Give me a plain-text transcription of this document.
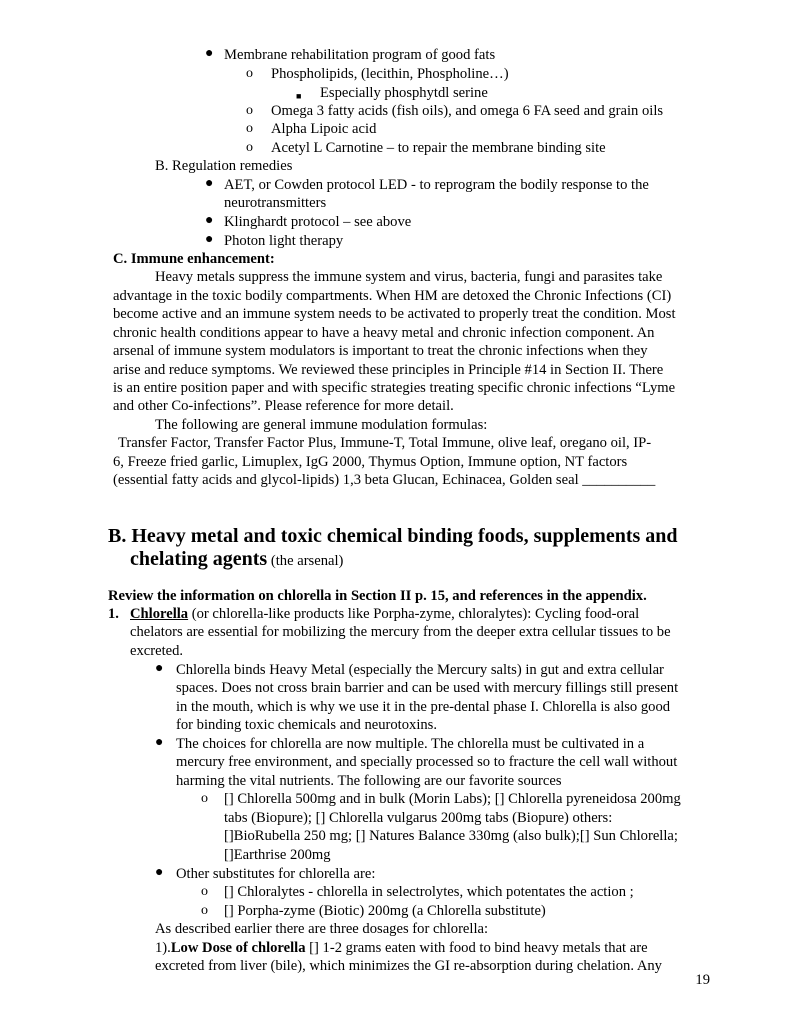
● Membrane rehabilitation program of good fats
o Phospholipids, (lecithin, Phospholine…)
■ Especially phosphytdl serine
o Omega 3 fatty acids (fish oils), and omega 6 FA seed and grain oils
o Alpha Lipoic acid
o Acetyl L Carnotine – to repair the membrane binding site
B. Regulation remedies
● AET, or Cowden protocol LED - to reprogram the bodily response to the
neurotransmitters
● Klinghardt protocol – see above
● Photon light therapy
C. Immune enhancement:
Heavy metals suppress the immune system and virus, bacteria, fungi and parasites take
advantage in the toxic bodily compartments. When HM are detoxed the Chronic Infections (CI)
become active and an immune system needs to be activated to properly treat the condition. Most
chronic health conditions appear to have a heavy metal and chronic infection component. An
arsenal of immune system modulators is important to treat the chronic infections when they
arise and reduce symptoms. We reviewed these principles in Principle #14 in Section II. There
is an entire position paper and with specific strategies treating specific chronic infections “Lyme
and other Co-infections”. Please reference for more detail.
The following are general immune modulation formulas:
Transfer Factor, Transfer Factor Plus, Immune-T, Total Immune, olive leaf, oregano oil, IP-
6, Freeze fried garlic, Limuplex, IgG 2000, Thymus Option, Immune option, NT factors
(essential fatty acids and glycol-lipids) 1,3 beta Glucan, Echinacea, Golden seal __________
B. Heavy metal and toxic chemical binding foods, supplements and
chelating agents (the arsenal)
Review the information on chlorella in Section II p. 15, and references in the appendix.
1. Chlorella (or chlorella-like products like Porpha-zyme, chloralytes): Cycling food-oral
chelators are essential for mobilizing the mercury from the deeper extra cellular tissues to be
excreted.
● Chlorella binds Heavy Metal (especially the Mercury salts) in gut and extra cellular
spaces. Does not cross brain barrier and can be used with mercury fillings still present
in the mouth, which is why we use it in the pre-dental phase I. Chlorella is also good
for binding toxic chemicals and neurotoxins.
● The choices for chlorella are now multiple. The chlorella must be cultivated in a
mercury free environment, and specially processed so to fracture the cell wall without
harming the vital nutrients. The following are our favorite sources
o [] Chlorella 500mg and in bulk (Morin Labs); [] Chlorella pyreneidosa 200mg
tabs (Biopure); [] Chlorella vulgarus 200mg tabs (Biopure) others:
[]BioRubella 250 mg; [] Natures Balance 330mg (also bulk);[] Sun Chlorella;
[]Earthrise 200mg
● Other substitutes for chlorella are:
o [] Chloralytes - chlorella in selectrolytes, which potentates the action ;
o [] Porpha-zyme (Biotic) 200mg (a Chlorella substitute)
As described earlier there are three dosages for chlorella:
1).Low Dose of chlorella [] 1-2 grams eaten with food to bind heavy metals that are
excreted from liver (bile), which minimizes the GI re-absorption during chelation. Any
19
